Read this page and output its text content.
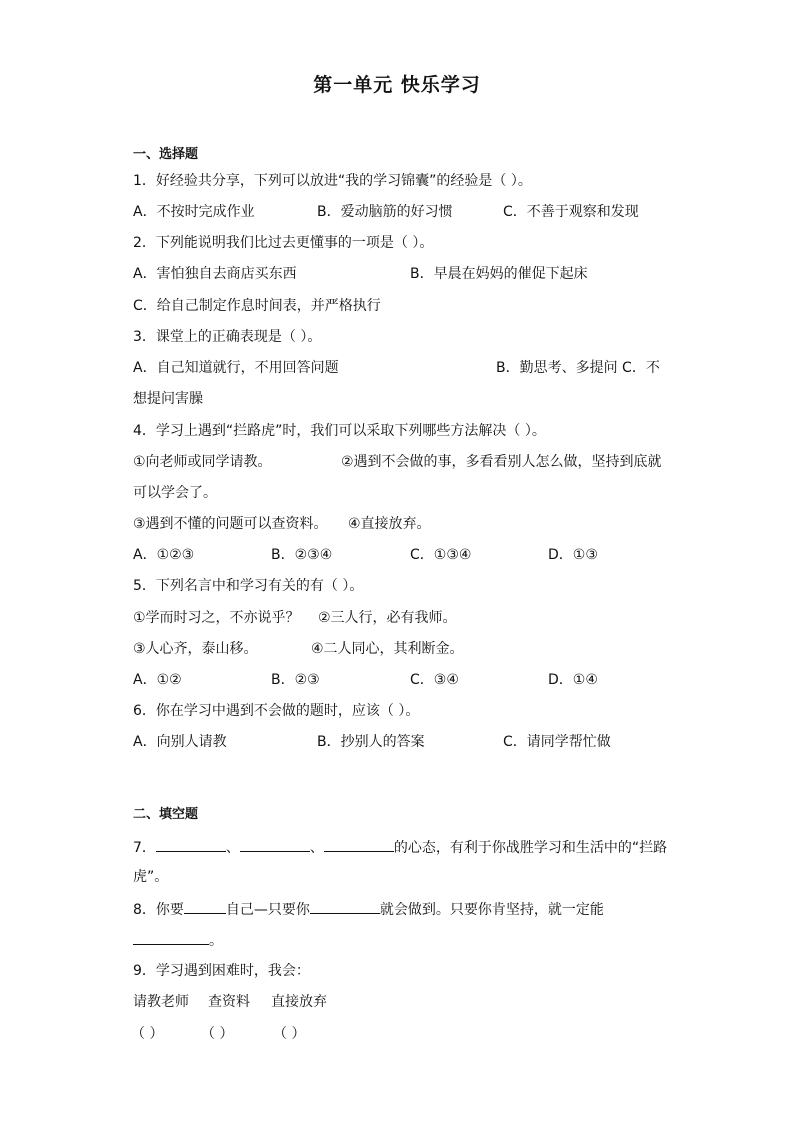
第一单元 快乐学习
一、选择题
1．好经验共分享，下列可以放进“我的学习锦囊”的经验是（ ）。
A．不按时完成作业	B．爱动脑筋的好习惯	C．不善于观察和发现
2．下列能说明我们比过去更懂事的一项是（ ）。
A．害怕独自去商店买东西	B．早晨在妈妈的催促下起床
C．给自己制定作息时间表，并严格执行
3．课堂上的正确表现是（ ）。
A．自己知道就行，不用回答问题	B．勤思考、多提问 C．不
想提问害臊
4．学习上遇到“拦路虎”时，我们可以采取下列哪些方法解决（ ）。
①向老师或同学请教。	②遇到不会做的事，多看看别人怎么做，坚持到底就
可以学会了。
③遇到不懂的问题可以查资料。 ④直接放弃。
A．①②③	B．②③④	C．①③④	D．①③
5．下列名言中和学习有关的有（ ）。
①学而时习之，不亦说乎？ ②三人行，必有我师。
③人心齐，泰山移。	④二人同心，其利断金。
A．①②	B．②③	C．③④	D．①④
6．你在学习中遇到不会做的题时，应该（ ）。
A．向别人请教	B．抄别人的答案	C．请同学帮忙做
二、填空题
7．	、	、	的心态，有利于你战胜学习和生活中的“拦路
虎”。
8．你要	自己—只要你	就会做到。只要你肯坚持，就一定能
。
9．学习遇到困难时，我会：
请教老师 查资料 直接放弃
（ ）	（ ）	（ ）
